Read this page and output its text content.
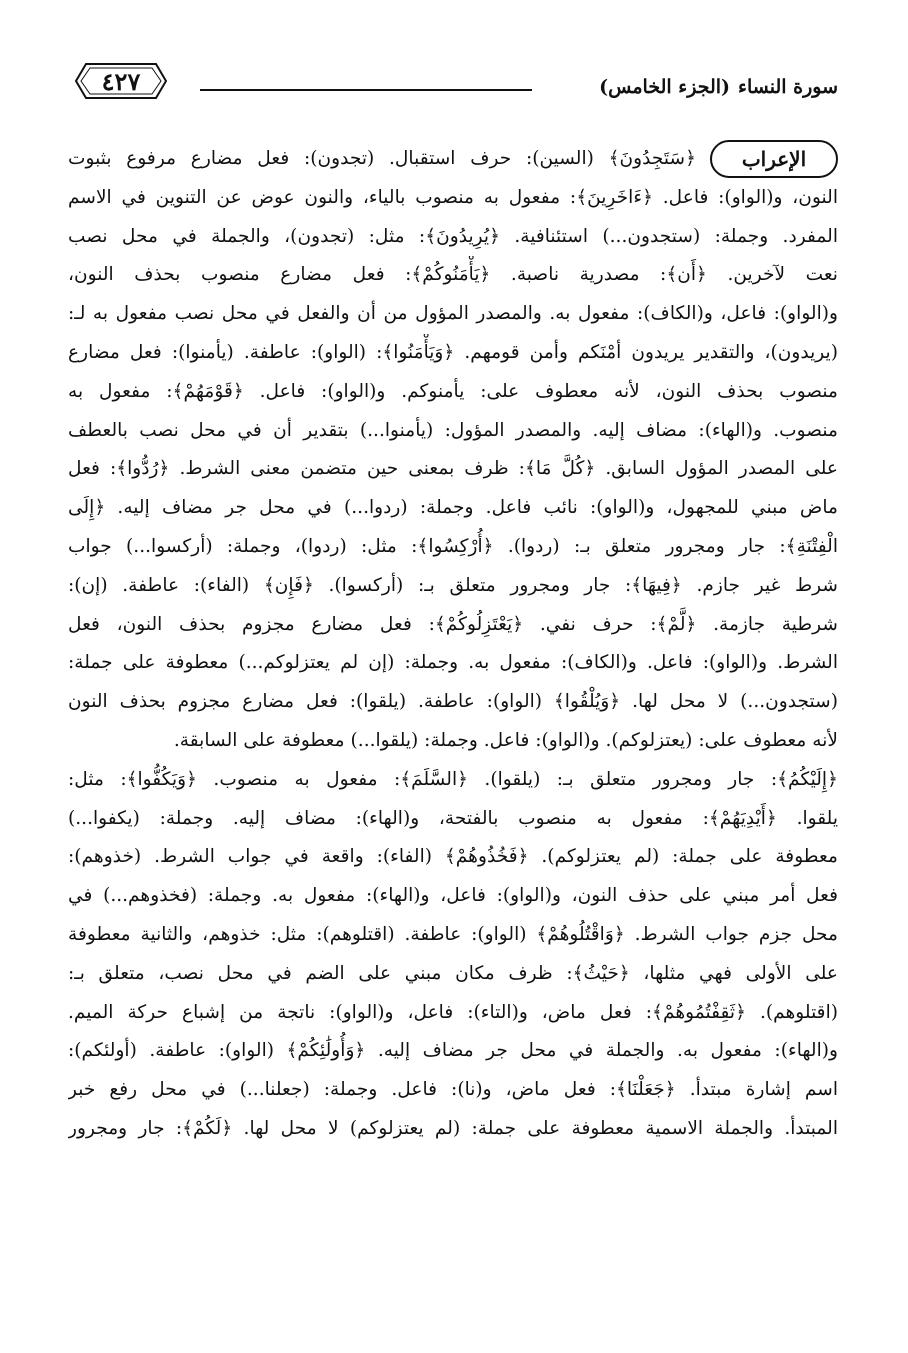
سورة النساء(الجزء الخامس)
٤٢٧
الإعراب
﴿سَتَجِدُونَ﴾ (السين): حرف استقبال. (تجدون): فعل مضارع مرفوع بثبوت
النون، و(الواو): فاعل. ﴿ءَاخَرِينَ﴾: مفعول به منصوب بالياء، والنون عوض عن التنوين في الاسم
المفرد. وجملة: (ستجدون...) استئنافية. ﴿يُرِيدُونَ﴾: مثل: (تجدون)، والجملة في محل نصب
نعت لآخرين. ﴿أَن﴾: مصدرية ناصبة. ﴿يَأْمَنُوكُمْ﴾: فعل مضارع منصوب بحذف النون،
و(الواو): فاعل، و(الكاف): مفعول به. والمصدر المؤول من أن والفعل في محل نصب مفعول به لـ:
(يريدون)، والتقدير يريدون أمْنَكم وأمن قومهم. ﴿وَيَأْمَنُوا﴾: (الواو): عاطفة. (يأمنوا): فعل مضارع
منصوب بحذف النون، لأنه معطوف على: يأمنوكم. و(الواو): فاعل. ﴿قَوْمَهُمْ﴾: مفعول به
منصوب. و(الهاء): مضاف إليه. والمصدر المؤول: (يأمنوا...) بتقدير أن في محل نصب بالعطف
على المصدر المؤول السابق. ﴿كُلَّ مَا﴾: ظرف بمعنى حين متضمن معنى الشرط. ﴿رُدُّوا﴾: فعل
ماض مبني للمجهول، و(الواو): نائب فاعل. وجملة: (ردوا...) في محل جر مضاف إليه. ﴿إِلَى
الْفِتْنَةِ﴾: جار ومجرور متعلق بـ: (ردوا). ﴿أُرْكِسُوا﴾: مثل: (ردوا)، وجملة: (أركسوا...) جواب
شرط غير جازم. ﴿فِيهَا﴾: جار ومجرور متعلق بـ: (أركسوا). ﴿فَإِن﴾ (الفاء): عاطفة. (إن):
شرطية جازمة. ﴿لَّمْ﴾: حرف نفي. ﴿يَعْتَزِلُوكُمْ﴾: فعل مضارع مجزوم بحذف النون، فعل
الشرط. و(الواو): فاعل. و(الكاف): مفعول به. وجملة: (إن لم يعتزلوكم...) معطوفة على جملة:
(ستجدون...) لا محل لها. ﴿وَيُلْقُوا﴾ (الواو): عاطفة. (يلقوا): فعل مضارع مجزوم بحذف النون
لأنه معطوف على: (يعتزلوكم). و(الواو): فاعل. وجملة: (يلقوا...) معطوفة على السابقة.
﴿إِلَيْكُمُ﴾: جار ومجرور متعلق بـ: (يلقوا). ﴿السَّلَمَ﴾: مفعول به منصوب. ﴿وَيَكُفُّوا﴾: مثل:
يلقوا. ﴿أَيْدِيَهُمْ﴾: مفعول به منصوب بالفتحة، و(الهاء): مضاف إليه. وجملة: (يكفوا...)
معطوفة على جملة: (لم يعتزلوكم). ﴿فَخُذُوهُمْ﴾ (الفاء): واقعة في جواب الشرط. (خذوهم):
فعل أمر مبني على حذف النون، و(الواو): فاعل، و(الهاء): مفعول به. وجملة: (فخذوهم...) في
محل جزم جواب الشرط. ﴿وَاقْتُلُوهُمْ﴾ (الواو): عاطفة. (اقتلوهم): مثل: خذوهم، والثانية معطوفة
على الأولى فهي مثلها، ﴿حَيْثُ﴾: ظرف مكان مبني على الضم في محل نصب، متعلق بـ:
(اقتلوهم). ﴿ثَقِفْتُمُوهُمْ﴾: فعل ماض، و(التاء): فاعل، و(الواو): ناتجة من إشباع حركة الميم.
و(الهاء): مفعول به. والجملة في محل جر مضاف إليه. ﴿وَأُولَٰئِكُمْ﴾ (الواو): عاطفة. (أولئكم):
اسم إشارة مبتدأ. ﴿جَعَلْنَا﴾: فعل ماض، و(نا): فاعل. وجملة: (جعلنا...) في محل رفع خبر
المبتدأ. والجملة الاسمية معطوفة على جملة: (لم يعتزلوكم) لا محل لها. ﴿لَكُمْ﴾: جار ومجرور
